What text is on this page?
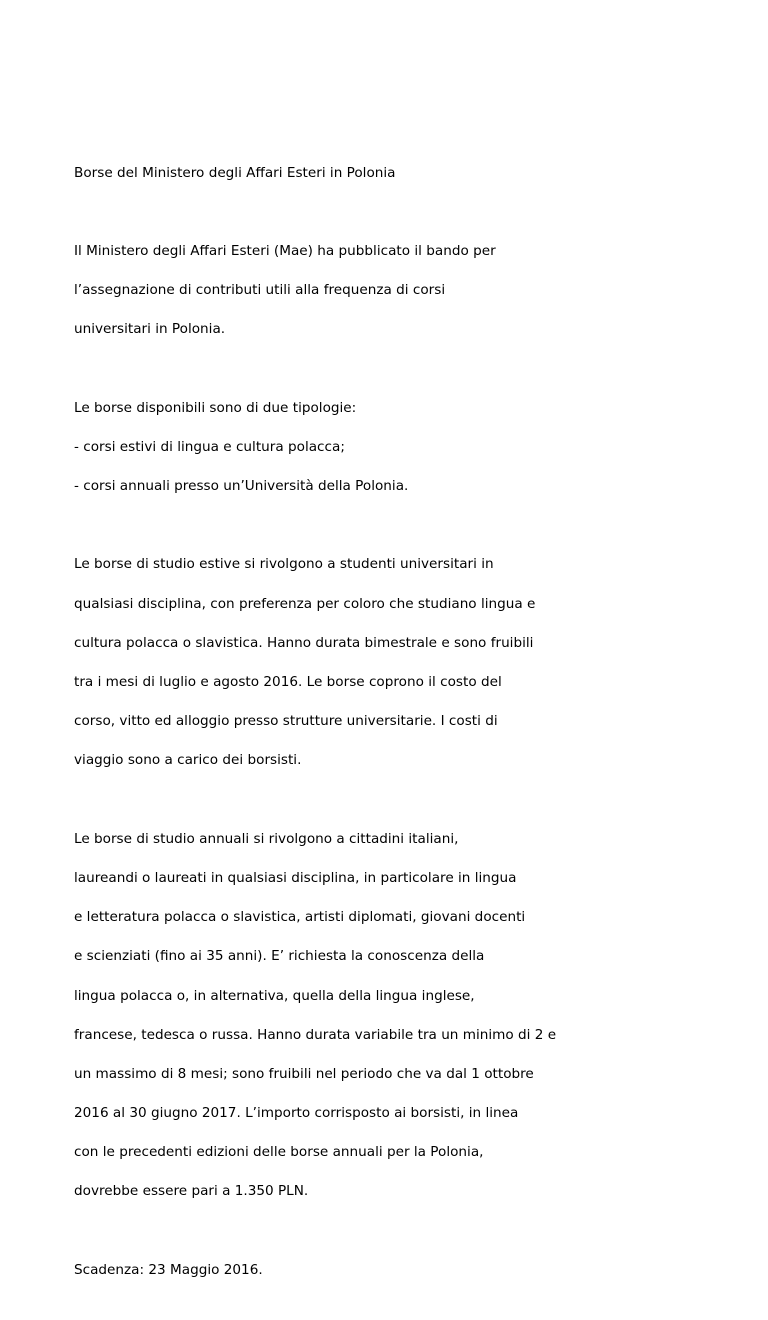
Borse del Ministero degli Affari Esteri in Polonia

Il Ministero degli Affari Esteri (Mae) ha pubblicato il bando per

l’assegnazione di contributi utili alla frequenza di corsi

universitari in Polonia.

Le borse disponibili sono di due tipologie:

- corsi estivi di lingua e cultura polacca;

- corsi annuali presso un’Università della Polonia.

Le borse di studio estive si rivolgono a studenti universitari in

qualsiasi disciplina, con preferenza per coloro che studiano lingua e

cultura polacca o slavistica. Hanno durata bimestrale e sono fruibili

tra i mesi di luglio e agosto 2016. Le borse coprono il costo del

corso, vitto ed alloggio presso strutture universitarie. I costi di

viaggio sono a carico dei borsisti.

Le borse di studio annuali si rivolgono a cittadini italiani,

laureandi o laureati in qualsiasi disciplina, in particolare in lingua

e letteratura polacca o slavistica, artisti diplomati, giovani docenti

e scienziati (fino ai 35 anni). E’ richiesta la conoscenza della

lingua polacca o, in alternativa, quella della lingua inglese,

francese, tedesca o russa. Hanno durata variabile tra un minimo di 2 e

un massimo di 8 mesi; sono fruibili nel periodo che va dal 1 ottobre

2016 al 30 giugno 2017. L’importo corrisposto ai borsisti, in linea

con le precedenti edizioni delle borse annuali per la Polonia,

dovrebbe essere pari a 1.350 PLN.

Scadenza: 23 Maggio 2016.
